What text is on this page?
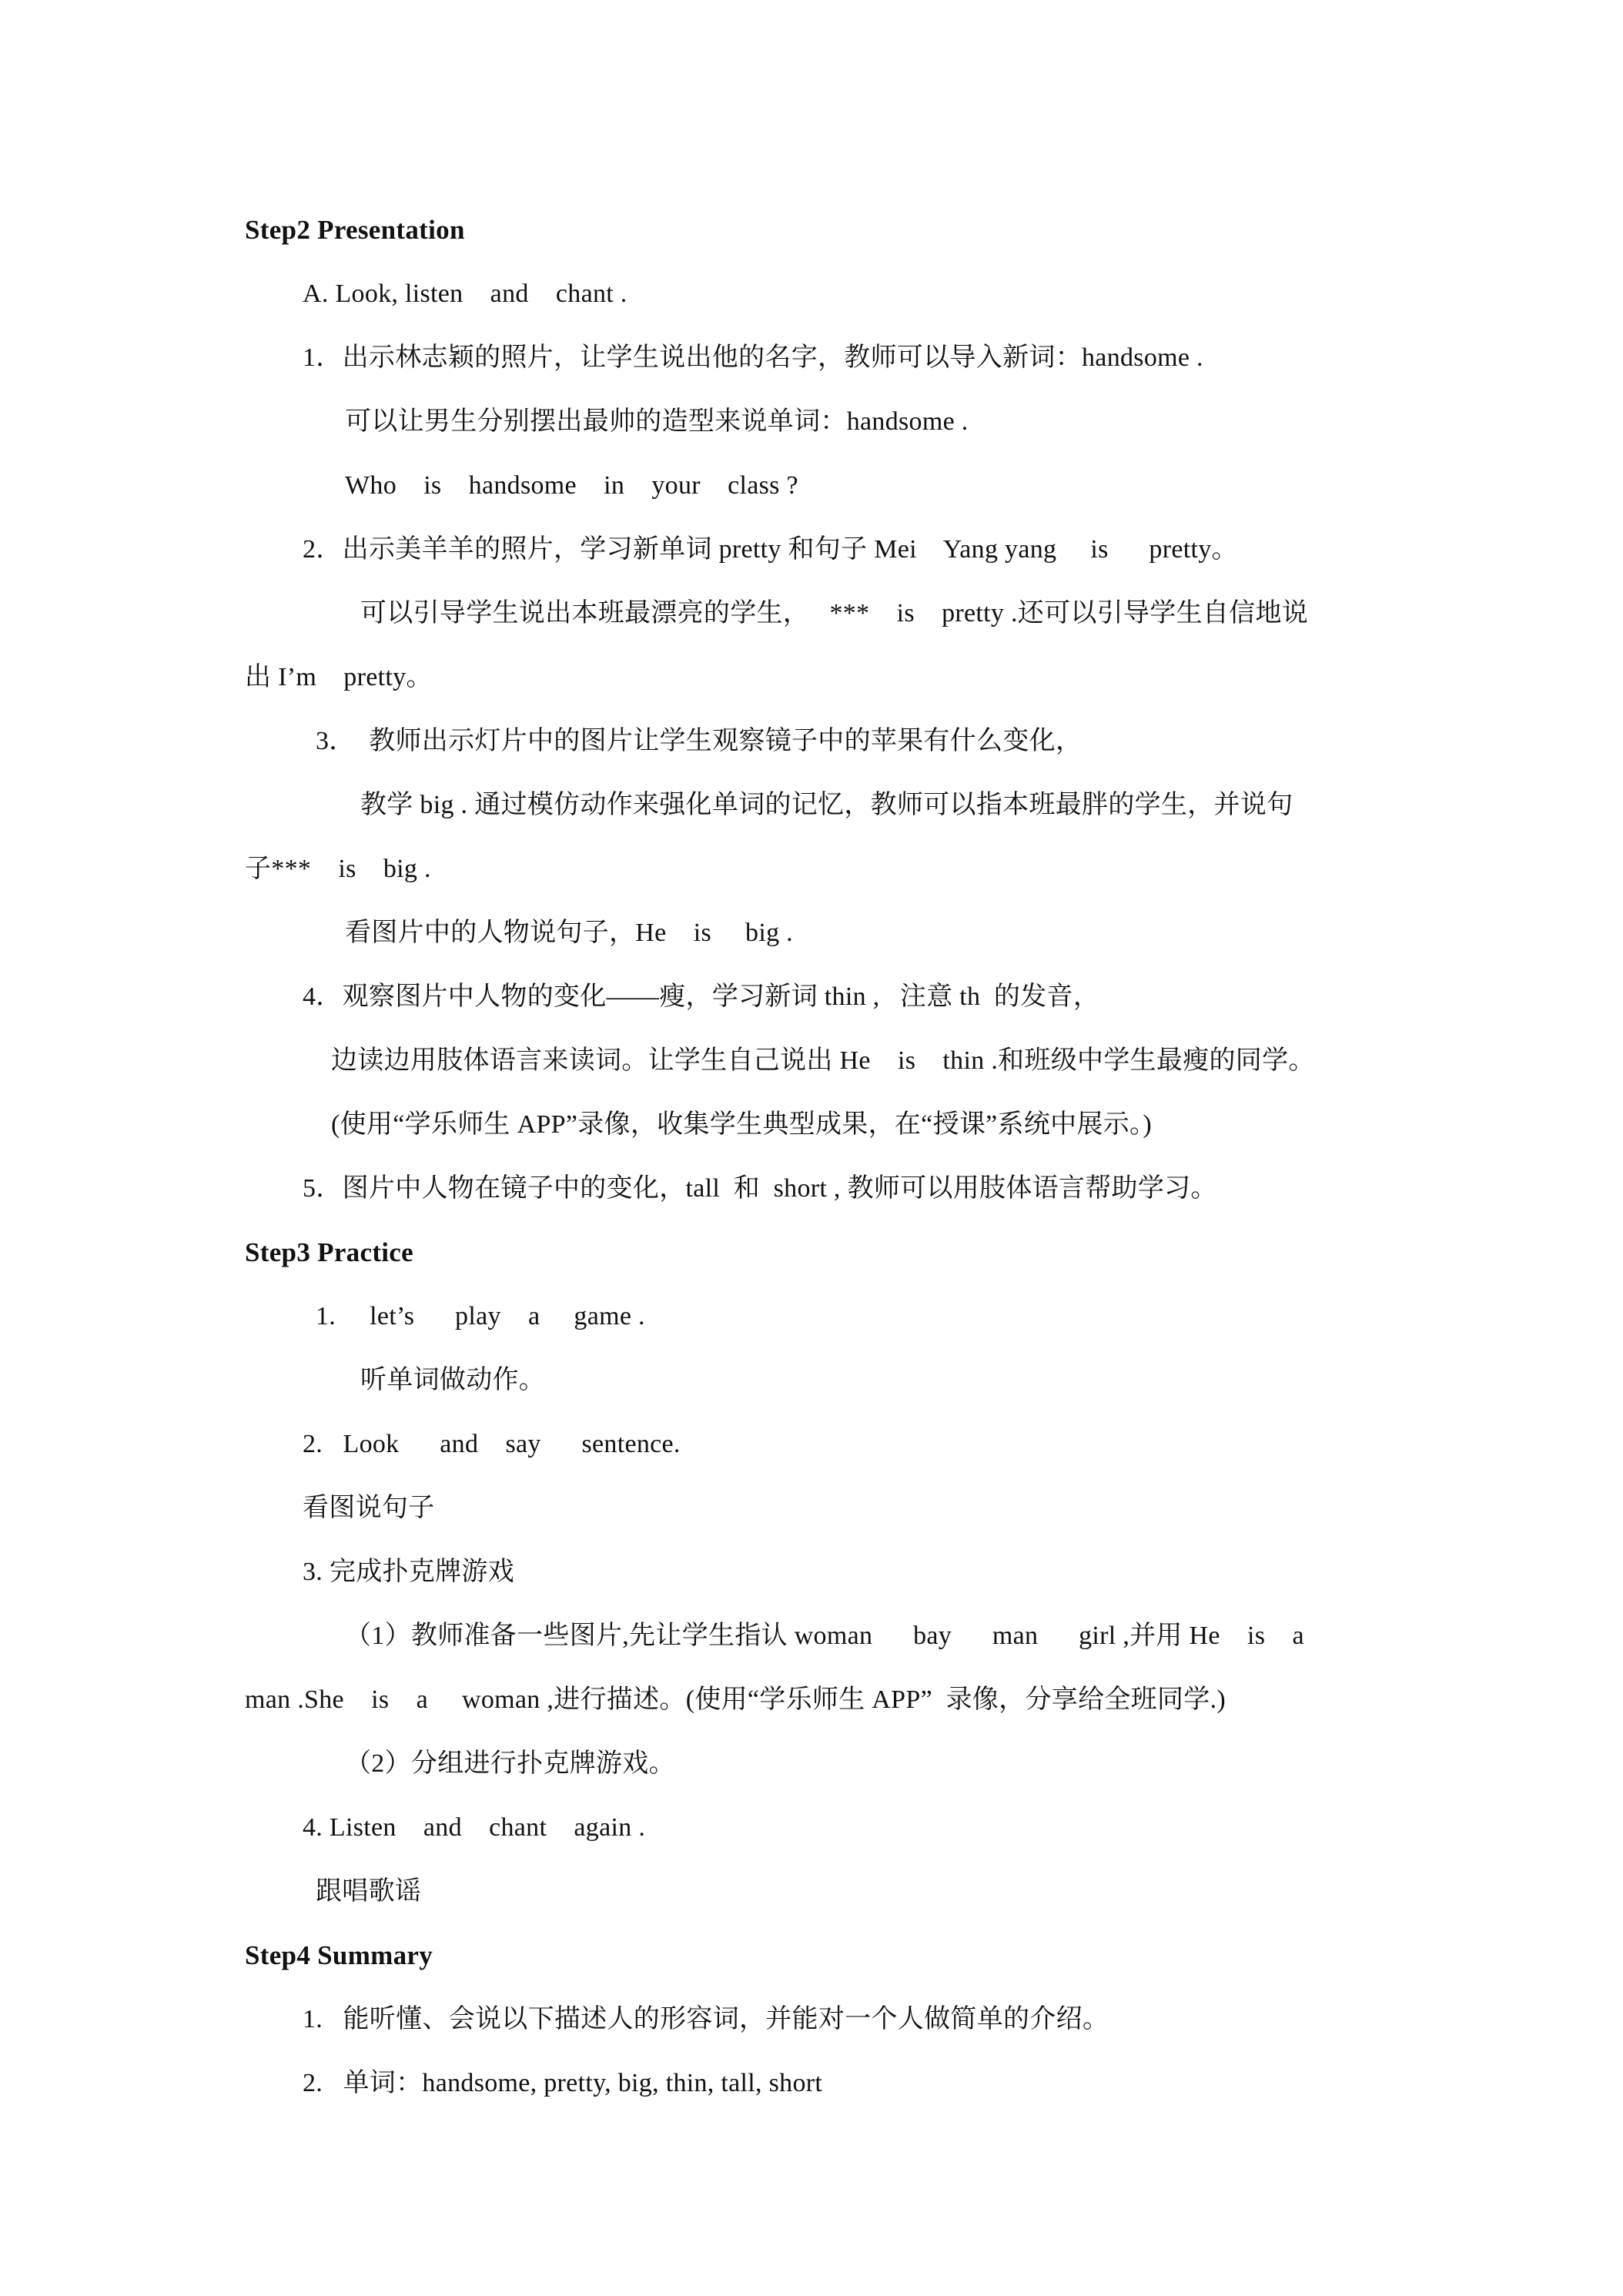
Step2 Presentation
A. Look, listen    and    chant .
1．出示林志颖的照片，让学生说出他的名字，教师可以导入新词：handsome .
可以让男生分别摆出最帅的造型来说单词：handsome .
Who    is    handsome    in    your    class ?
2．出示美羊羊的照片，学习新单词 pretty 和句子 Mei    Yang yang     is      pretty。
可以引导学生说出本班最漂亮的学生，   ***    is    pretty .还可以引导学生自信地说
出 I’m    pretty。
3．  教师出示灯片中的图片让学生观察镜子中的苹果有什么变化，
教学 big . 通过模仿动作来强化单词的记忆，教师可以指本班最胖的学生，并说句
子***    is    big .
看图片中的人物说句子，He    is     big .
4．观察图片中人物的变化——瘦，学习新词 thin ,   注意 th  的发音，
边读边用肢体语言来读词。让学生自己说出 He    is    thin .和班级中学生最瘦的同学。
(使用“学乐师生 APP”录像，收集学生典型成果，在“授课”系统中展示。)
5．图片中人物在镜子中的变化，tall  和  short , 教师可以用肢体语言帮助学习。
Step3 Practice
1.     let’s      play    a     game .
听单词做动作。
2.   Look      and    say      sentence.
看图说句子
3. 完成扑克牌游戏
（1）教师准备一些图片,先让学生指认 woman      bay      man      girl ,并用 He    is    a
man .She    is    a     woman ,进行描述。(使用“学乐师生 APP”  录像，分享给全班同学.)
（2）分组进行扑克牌游戏。
4. Listen    and    chant    again .
跟唱歌谣
Step4 Summary
1.   能听懂、会说以下描述人的形容词，并能对一个人做简单的介绍。
2.   单词：handsome, pretty, big, thin, tall, short
